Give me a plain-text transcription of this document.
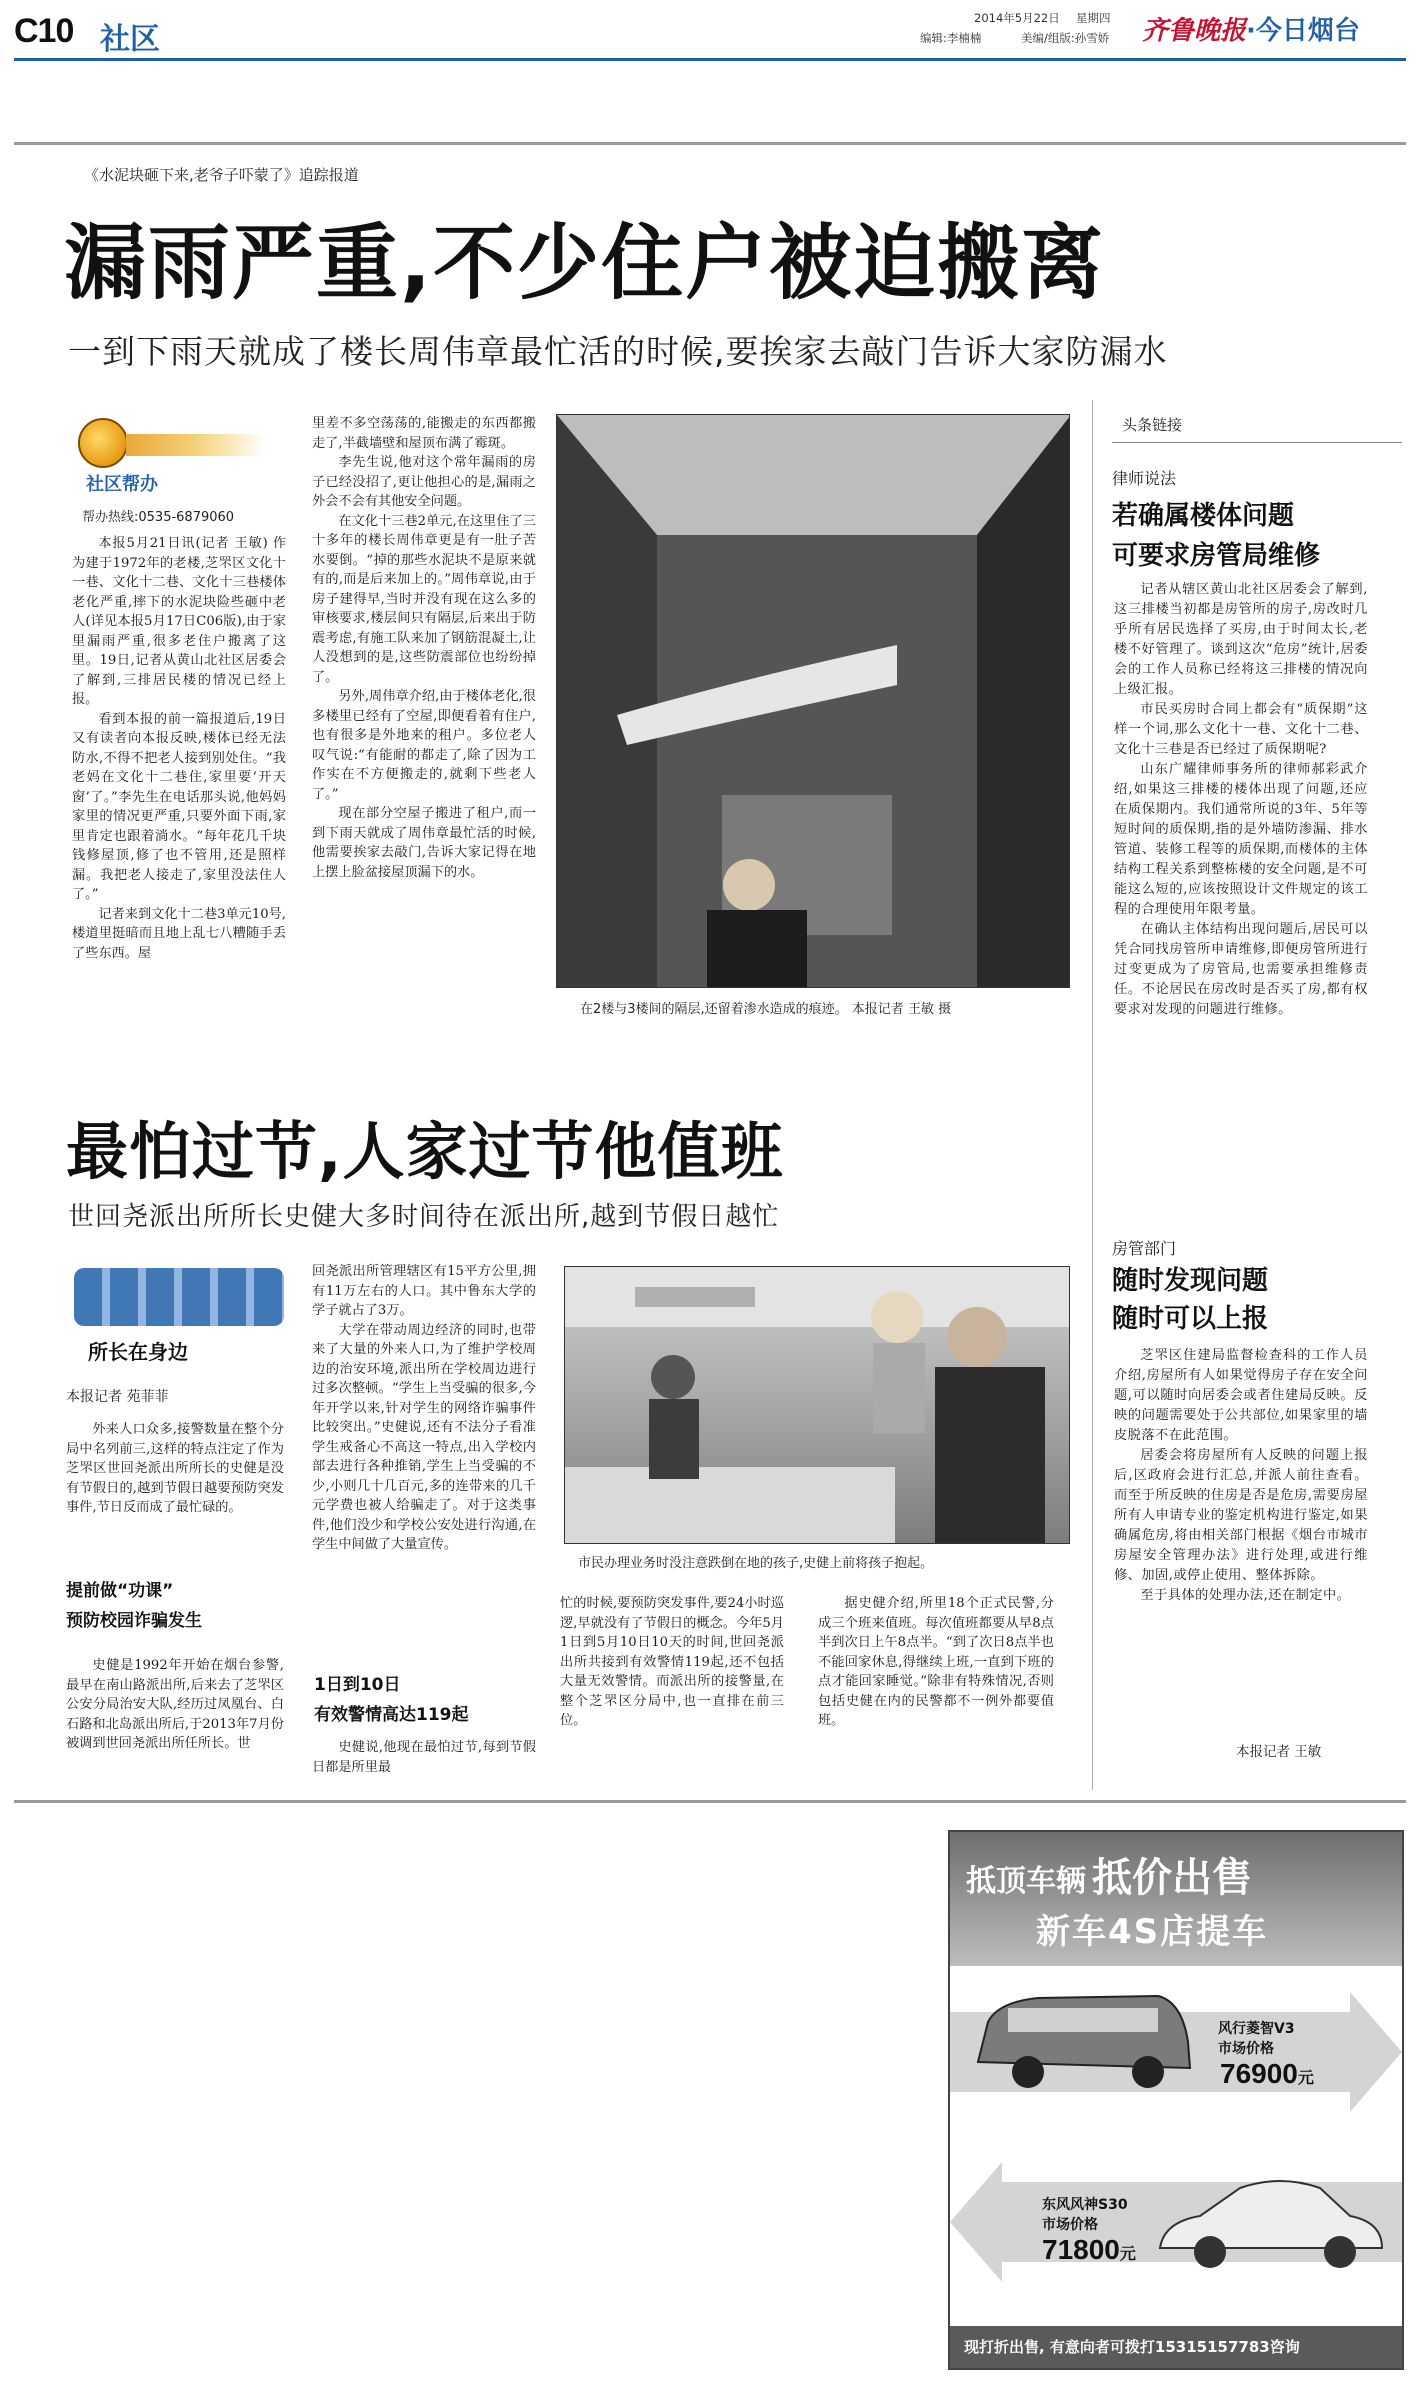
C10 社区
2014年5月22日 星期四
编辑:李楠楠	美编/组版:孙雪娇 齐鲁晚报·今日烟台
《水泥块砸下来,老爷子吓蒙了》追踪报道
漏雨严重,不少住户被迫搬离
一到下雨天就成了楼长周伟章最忙活的时候,要挨家去敲门告诉大家防漏水
社区帮办
帮办热线:0535-6879060

本报5月21日讯(记者 王敏) 作为建于1972年的老楼,芝罘区文化十一巷、文化十二巷、文化十三巷楼体老化严重,摔下的水泥块险些砸中老人(详见本报5月17日C06版),由于家里漏雨严重,很多老住户搬离了这里。19日,记者从黄山北社区居委会了解到,三排居民楼的情况已经上报。

看到本报的前一篇报道后,19日又有读者向本报反映,楼体已经无法防水,不得不把老人接到别处住。“我老妈在文化十二巷住,家里要‘开天窗’了。”李先生在电话那头说,他妈妈家里的情况更严重,只要外面下雨,家里肯定也跟着淌水。“每年花几千块钱修屋顶,修了也不管用,还是照样漏。我把老人接走了,家里没法住人了。”

记者来到文化十二巷3单元10号,楼道里挺暗而且地上乱七八糟随手丢了些东西。屋

里差不多空荡荡的,能搬走的东西都搬走了,半截墙壁和屋顶布满了霉斑。

李先生说,他对这个常年漏雨的房子已经没招了,更让他担心的是,漏雨之外会不会有其他安全问题。

在文化十三巷2单元,在这里住了三十多年的楼长周伟章更是有一肚子苦水要倒。“掉的那些水泥块不是原来就有的,而是后来加上的。”周伟章说,由于房子建得早,当时并没有现在这么多的审核要求,楼层间只有隔层,后来出于防震考虑,有施工队来加了钢筋混凝土,让人没想到的是,这些防震部位也纷纷掉了。

另外,周伟章介绍,由于楼体老化,很多楼里已经有了空屋,即便看着有住户,也有很多是外地来的租户。多位老人叹气说:“有能耐的都走了,除了因为工作实在不方便搬走的,就剩下些老人了。”

现在部分空屋子搬进了租户,而一到下雨天就成了周伟章最忙活的时候,他需要挨家去敲门,告诉大家记得在地上摆上脸盆接屋顶漏下的水。

在2楼与3楼间的隔层,还留着渗水造成的痕迹。 本报记者 王敏 摄
头条链接
律师说法
若确属楼体问题
可要求房管局维修

记者从辖区黄山北社区居委会了解到,这三排楼当初都是房管所的房子,房改时几乎所有居民选择了买房,由于时间太长,老楼不好管理了。谈到这次“危房”统计,居委会的工作人员称已经将这三排楼的情况向上级汇报。

市民买房时合同上都会有“质保期”这样一个词,那么文化十一巷、文化十二巷、文化十三巷是否已经过了质保期呢?

山东广耀律师事务所的律师郝彩武介绍,如果这三排楼的楼体出现了问题,还应在质保期内。我们通常所说的3年、5年等短时间的质保期,指的是外墙防渗漏、排水管道、装修工程等的质保期,而楼体的主体结构工程关系到整栋楼的安全问题,是不可能这么短的,应该按照设计文件规定的该工程的合理使用年限考量。

在确认主体结构出现问题后,居民可以凭合同找房管所申请维修,即便房管所进行过变更成为了房管局,也需要承担维修责任。不论居民在房改时是否买了房,都有权要求对发现的问题进行维修。

房管部门
随时发现问题
随时可以上报

芝罘区住建局监督检查科的工作人员介绍,房屋所有人如果觉得房子存在安全问题,可以随时向居委会或者住建局反映。反映的问题需要处于公共部位,如果家里的墙皮脱落不在此范围。

居委会将房屋所有人反映的问题上报后,区政府会进行汇总,并派人前往查看。而至于所反映的住房是否是危房,需要房屋所有人申请专业的鉴定机构进行鉴定,如果确属危房,将由相关部门根据《烟台市城市房屋安全管理办法》进行处理,或进行维修、加固,或停止使用、整体拆除。

至于具体的处理办法,还在制定中。

本报记者 王敏
最怕过节,人家过节他值班
世回尧派出所所长史健大多时间待在派出所,越到节假日越忙
所长在身边
本报记者 苑菲菲

外来人口众多,接警数量在整个分局中名列前三,这样的特点注定了作为芝罘区世回尧派出所所长的史健是没有节假日的,越到节假日越要预防突发事件,节日反而成了最忙碌的。

提前做“功课”
预防校园诈骗发生

史健是1992年开始在烟台参警,最早在南山路派出所,后来去了芝罘区公安分局治安大队,经历过凤凰台、白石路和北岛派出所后,于2013年7月份被调到世回尧派出所任所长。世

回尧派出所管理辖区有15平方公里,拥有11万左右的人口。其中鲁东大学的学子就占了3万。

大学在带动周边经济的同时,也带来了大量的外来人口,为了维护学校周边的治安环境,派出所在学校周边进行过多次整顿。“学生上当受骗的很多,今年开学以来,针对学生的网络诈骗事件比较突出。”史健说,还有不法分子看准学生戒备心不高这一特点,出入学校内部去进行各种推销,学生上当受骗的不少,小则几十几百元,多的连带来的几千元学费也被人给骗走了。对于这类事件,他们没少和学校公安处进行沟通,在学生中间做了大量宣传。

1日到10日
有效警情高达119起

史健说,他现在最怕过节,每到节假日都是所里最

市民办理业务时没注意跌倒在地的孩子,史健上前将孩子抱起。

忙的时候,要预防突发事件,要24小时巡逻,早就没有了节假日的概念。今年5月1日到5月10日10天的时间,世回尧派出所共接到有效警情119起,还不包括大量无效警情。而派出所的接警量,在整个芝罘区分局中,也一直排在前三位。

据史健介绍,所里18个正式民警,分成三个班来值班。每次值班都要从早8点半到次日上午8点半。“到了次日8点半也不能回家休息,得继续上班,一直到下班的点才能回家睡觉。”除非有特殊情况,否则包括史健在内的民警都不一例外都要值班。

抵顶车辆 抵价出售
新车4S店提车
风行菱智V3
市场价格
76900元
东风风神S30
市场价格
71800元
现打折出售, 有意向者可拨打15315157783咨询
